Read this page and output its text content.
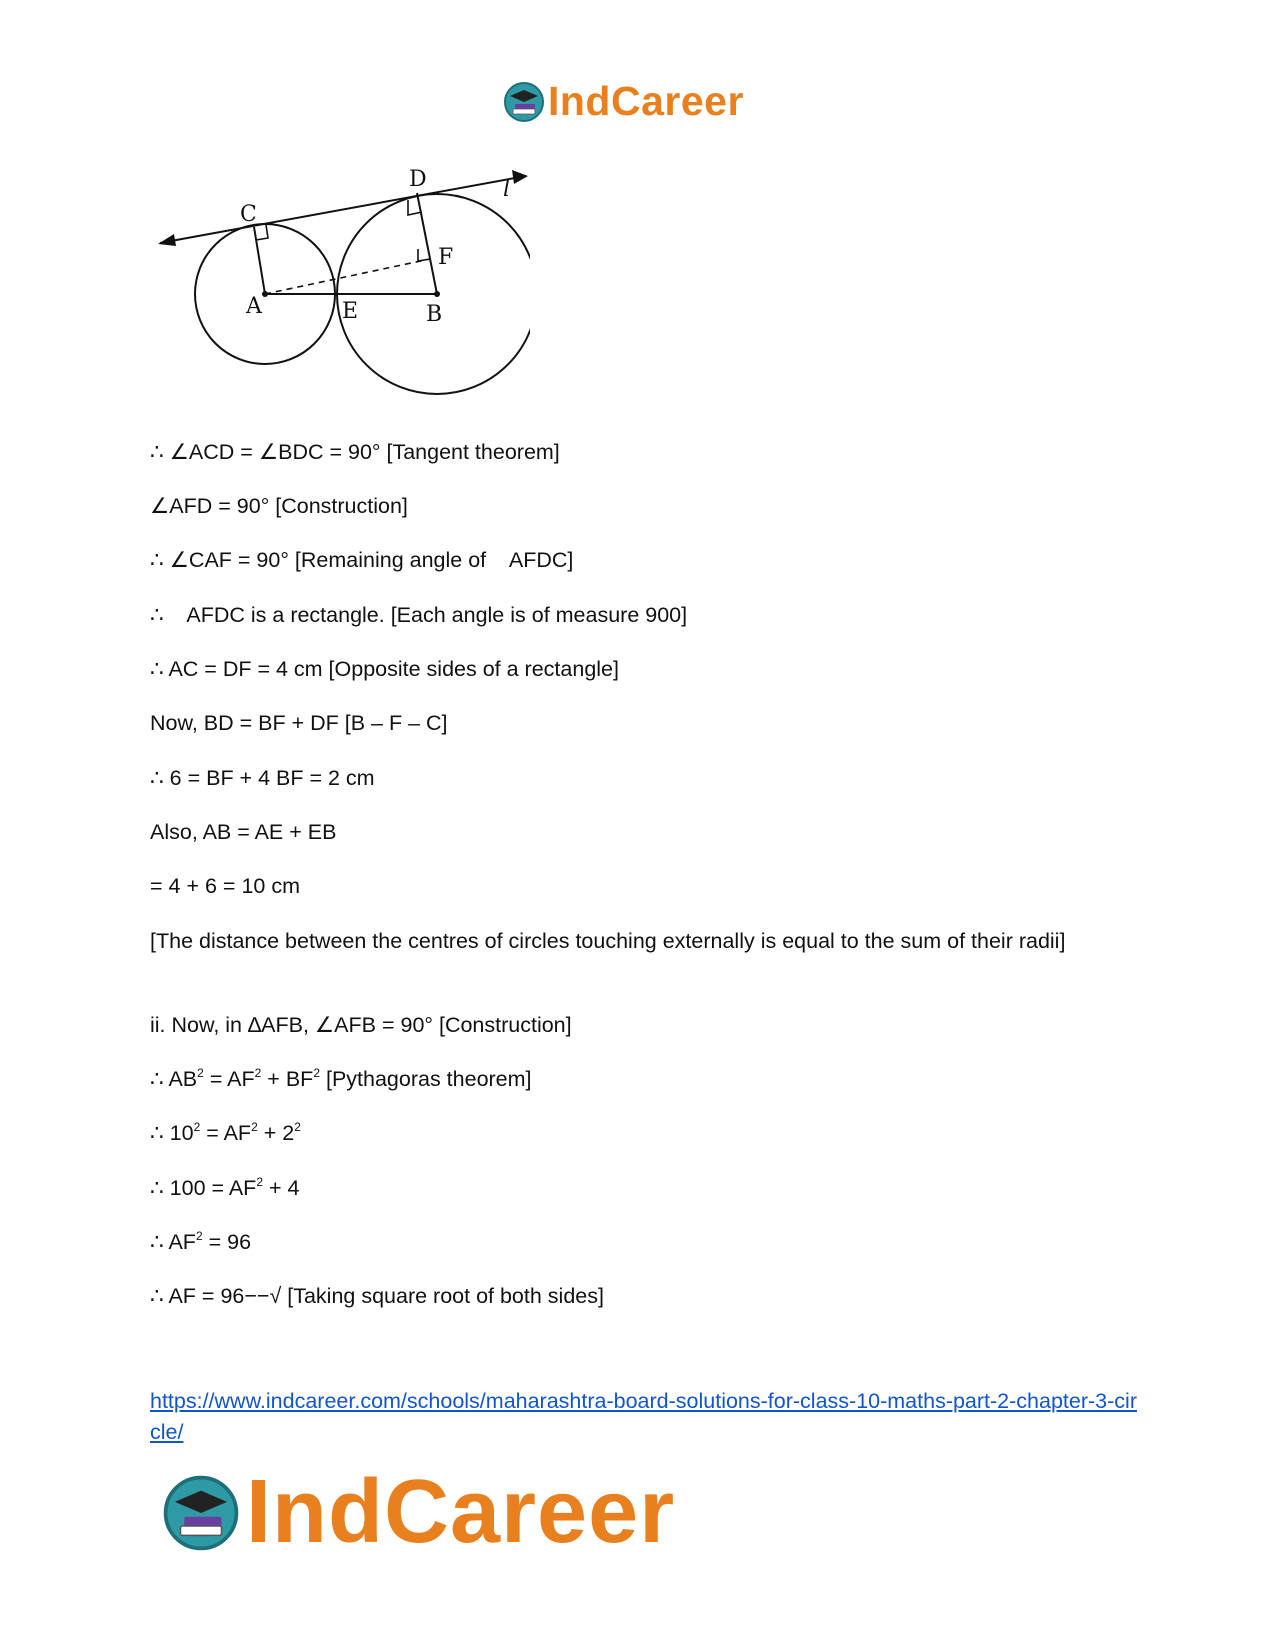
IndCareer
C
D	l
F
A	E	B
∴ ∠ACD = ∠BDC = 90° [Tangent theorem]
∠AFD = 90° [Construction]
∴ ∠CAF = 90° [Remaining angle of    AFDC]
∴    AFDC is a rectangle. [Each angle is of measure 900]
∴ AC = DF = 4 cm [Opposite sides of a rectangle]
Now, BD = BF + DF [B – F – C]
∴ 6 = BF + 4 BF = 2 cm
Also, AB = AE + EB
= 4 + 6 = 10 cm
[The distance between the centres of circles touching externally is equal to the sum of their radii]
ii. Now, in ∆AFB, ∠AFB = 90° [Construction]
∴ $AB^2 = AF^2 + BF^2$ [Pythagoras theorem]
∴ $10^2 = AF^2 + 2^2$
∴ $100 = AF^2 + 4$
∴ $AF^2 = 96$
∴ AF = 96−−√ [Taking square root of both sides]
https://www.indcareer.com/schools/maharashtra-board-solutions-for-class-10-maths-part-2-chapter-3-circle/
IndCareer
